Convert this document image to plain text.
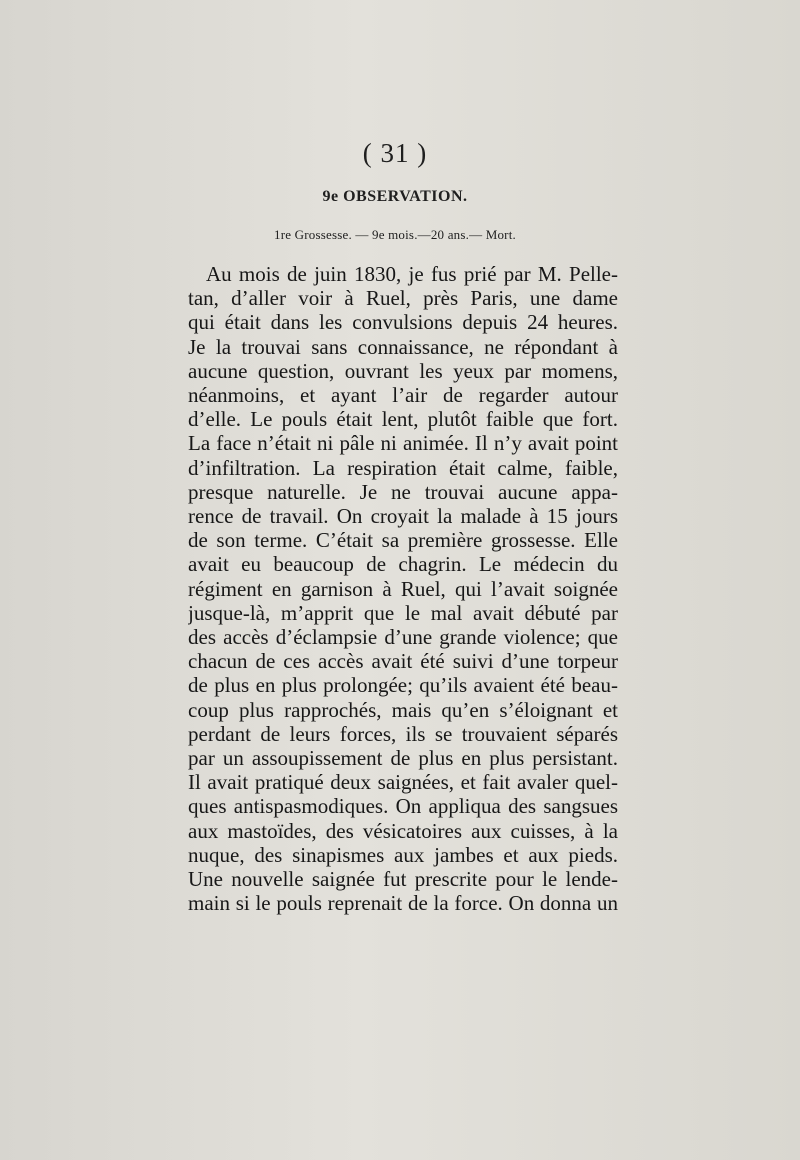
( 31 )
9e OBSERVATION.
1re Grossesse. — 9e mois.—20 ans.— Mort.
Au mois de juin 1830, je fus prié par M. Pelle-
tan, d’aller voir à Ruel, près Paris, une dame
qui était dans les convulsions depuis 24 heures.
Je la trouvai sans connaissance, ne répondant à
aucune question, ouvrant les yeux par momens,
néanmoins, et ayant l’air de regarder autour
d’elle. Le pouls était lent, plutôt faible que fort.
La face n’était ni pâle ni animée. Il n’y avait point
d’infiltration. La respiration était calme, faible,
presque naturelle. Je ne trouvai aucune appa-
rence de travail. On croyait la malade à 15 jours
de son terme. C’était sa première grossesse. Elle
avait eu beaucoup de chagrin. Le médecin du
régiment en garnison à Ruel, qui l’avait soignée
jusque-là, m’apprit que le mal avait débuté par
des accès d’éclampsie d’une grande violence; que
chacun de ces accès avait été suivi d’une torpeur
de plus en plus prolongée; qu’ils avaient été beau-
coup plus rapprochés, mais qu’en s’éloignant et
perdant de leurs forces, ils se trouvaient séparés
par un assoupissement de plus en plus persistant.
Il avait pratiqué deux saignées, et fait avaler quel-
ques antispasmodiques. On appliqua des sangsues
aux mastoïdes, des vésicatoires aux cuisses, à la
nuque, des sinapismes aux jambes et aux pieds.
Une nouvelle saignée fut prescrite pour le lende-
main si le pouls reprenait de la force. On donna un
